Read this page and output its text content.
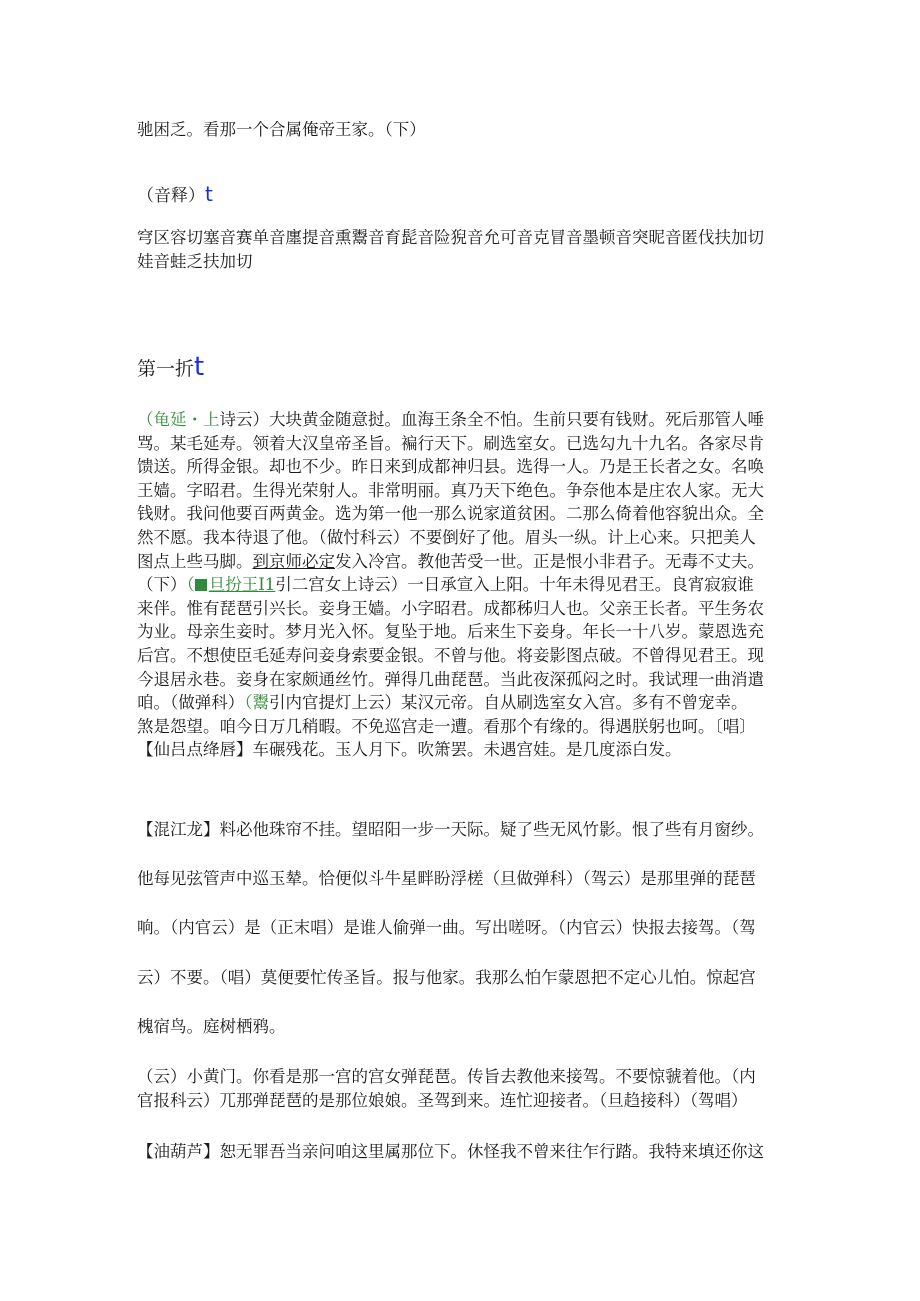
驰困乏。看那一个合属俺帝王家。（下）

（音释）t

穹区容切塞音赛单音廛提音熏鬻音育髭音险猊音允可音克冒音墨顿音突昵音匿伐扶加切

娃音蛙乏扶加切

第一折t

（龟延・上诗云）大块黄金随意挝。血海王条全不怕。生前只要有钱财。死后那管人唾

骂。某毛延寿。领着大汉皇帝圣旨。褊行天下。刷选室女。已选勾九十九名。各家尽肯

馈送。所得金银。却也不少。昨日来到成都神归县。选得一人。乃是王长者之女。名唤

王嫱。字昭君。生得光荣射人。非常明丽。真乃天下绝色。争奈他本是庄农人家。无大

钱财。我问他要百两黄金。选为第一他一那么说家道贫困。二那么倚着他容貌出众。全

然不愿。我本待退了他。（做忖科云）不要倒好了他。眉头一纵。计上心来。只把美人

图点上些马脚。到京师必定发入冷宫。教他苦受一世。正是恨小非君子。无毒不丈夫。

（下）（ 旦扮王I1引二宫女上诗云）一日承宣入上阳。十年未得见君王。良宵寂寂谁

来伴。惟有琵琶引兴长。妾身王嫱。小字昭君。成都秭归人也。父亲王长者。平生务农

为业。母亲生妾时。梦月光入怀。复坠于地。后来生下妾身。年长一十八岁。蒙恩选充

后宫。不想使臣毛延寿问妾身索要金银。不曾与他。将妾影图点破。不曾得见君王。现

今退居永巷。妾身在家颇通丝竹。弹得几曲琵琶。当此夜深孤闷之时。我试理一曲消遣

咱。（做弹科）（鬻引内官提灯上云）某汉元帝。自从刷选室女入宫。多有不曾宠幸。

煞是怨望。咱今日万几稍暇。不免巡宫走一遭。看那个有缘的。得遇朕躬也呵。〔唱〕

【仙吕点绛唇】车碾残花。玉人月下。吹箫罢。未遇宫娃。是几度添白发。

【混江龙】料必他珠帘不挂。望昭阳一步一天际。疑了些无风竹影。恨了些有月窗纱。

他每见弦管声中巡玉辇。恰便似斗牛星畔盼浮槎（旦做弹科）（驾云）是那里弹的琵琶

响。（内官云）是（正末唱）是谁人偷弹一曲。写出嗟呀。（内官云）快报去接驾。（驾

云）不要。（唱）莫便要忙传圣旨。报与他家。我那么怕乍蒙恩把不定心儿怕。惊起宫

槐宿鸟。庭树栖鸦。

（云）小黄门。你看是那一宫的宫女弹琵琶。传旨去教他来接驾。不要惊虢着他。（内

官报科云）兀那弹琵琶的是那位娘娘。圣驾到来。连忙迎接者。（旦趋接科）（驾唱）

【油葫芦】恕无罪吾当亲问咱这里属那位下。休怪我不曾来往乍行踏。我特来填还你这
